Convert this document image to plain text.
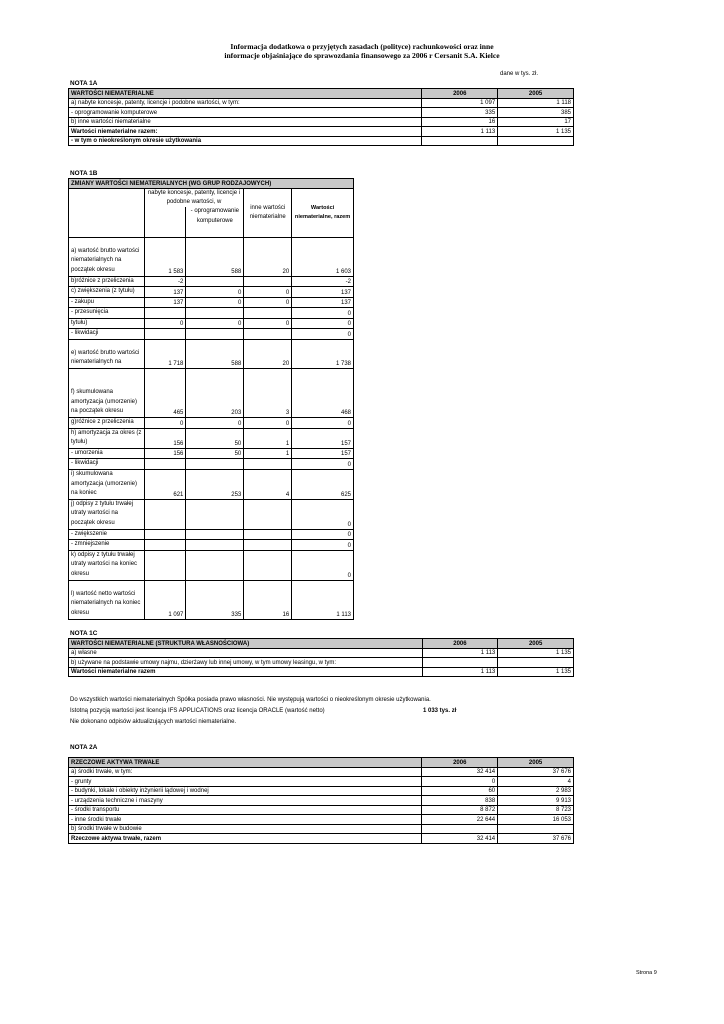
Informacja dodatkowa o przyjętych zasadach (polityce) rachunkowości oraz inne
informacje objaśniające do sprawozdania finansowego za 2006 r Cersanit S.A. Kielce
dane w tys. zł.
NOTA 1A
WARTOŚCI NIEMATERIALNE	2006	2005
a) nabyte koncesje, patenty, licencje i podobne wartości, w tym:	1 097	1 118
- oprogramowanie komputerowe	335	385
b) inne wartości niematerialne	16	17
Wartości niematerialne razem:	1 113	1 135
- w tym o nieokreślonym okresie użytkowania		
NOTA 1B
ZMIANY WARTOŚCI NIEMATERIALNYCH (WG GRUP RODZAJOWYCH)				
	nabyte koncesje, patenty, licencje i podobne wartości, w		inne wartości niematerialne	Wartości niematerialne, razem
		- oprogramowanie komputerowe		
a) wartość brutto wartości niematerialnych na początek okresu	1 583	588	20	1 603
b)różnice z przeliczenia	-2			-2
c) zwiększenia (z tytułu)	137	0	0	137
- zakupu	137	0	0	137
- przesunięcia				0
tytułu)	0	0	0	0
- likwidacji				0
e) wartość brutto wartości niematerialnych na	1 718	588	20	1 738
f) skumulowana amortyzacja (umorzenie) na początek okresu	465	203	3	468
g)różnice z przeliczenia	0	0	0	0
h) amortyzacja za okres (z tytułu)	156	50	1	157
- umorzenia	156	50	1	157
- likwidacji				0
i) skumulowana amortyzacja (umorzenie) na koniec	621	253	4	625
j) odpisy z tytułu trwałej utraty wartości na początek okresu				0
- zwiększenie				0
- zmniejszenie				0
k) odpisy z tytułu trwałej utraty wartości na koniec okresu				0
l) wartość netto wartości niematerialnych na koniec okresu	1 097	335	16	1 113
NOTA 1C
WARTOŚCI NIEMATERIALNE (STRUKTURA WŁASNOŚCIOWA)	2006	2005
a) własne	1 113	1 135
b) używane na podstawie umowy najmu, dzierżawy lub innej umowy, w tym umowy leasingu, w tym:		
Wartości niematerialne razem	1 113	1 135
Do wszystkich wartości niematerialnych Spółka posiada prawo własności. Nie występują wartości o nieokreślonym okresie użytkowania.
Istotną pozycją wartości jest licencja IFS APPLICATIONS oraz licencja ORACLE (wartość netto)	1 033 tys. zł
Nie dokonano odpisów aktualizujących wartości niematerialne.
NOTA 2A
RZECZOWE AKTYWA TRWAŁE	2006	2005
a) środki trwałe, w tym:	32 414	37 676
- grunty	0	4
- budynki, lokale i obiekty inżynierii lądowej i wodnej	60	2 983
- urządzenia techniczne i maszyny	838	9 913
- środki transportu	8 872	8 723
- inne środki trwałe	22 644	16 053
b) środki trwałe w budowie		
Rzeczowe aktywa trwałe, razem	32 414	37 676
Strona 9
